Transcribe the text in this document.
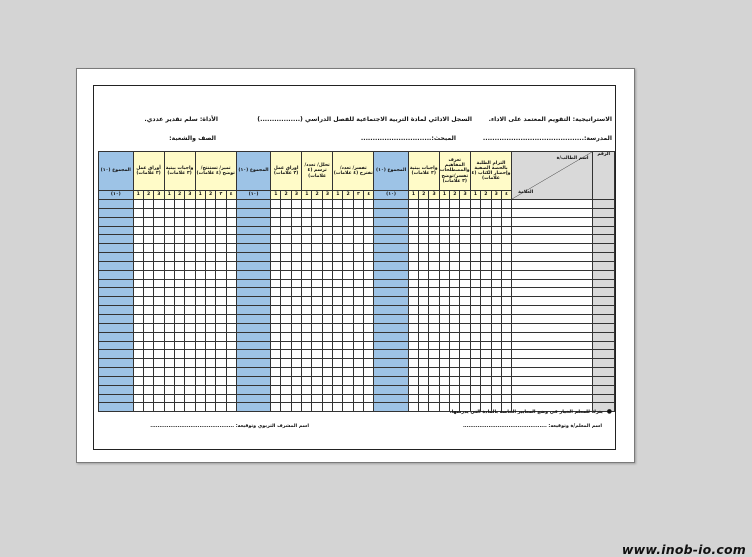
الاستراتيجية: التقويم المعتمد على الاداء.
السجل الادائي لمادة التربية الاجتماعية للفصل الدراسي (.................)
الأداة: سلم تقدير عددي.
المدرسة:...........................................
المبحث:..............................
الصف والشعبة:
الرقم	اسم الطالب/ة
العلامة	التزام الطلبة بالحصة الصفية وإحضار الكتاب (٤ علامات)				تعرف المفاهيم والمصطلحات تفسر/توضح (٣ علامات)			واجبات بيتية (٣ علامات)			المجموع (١٠)	تفسر/ تعدد/ تقترح (٤ علامات)				تحلل/ تعدد/ ترسم (٤ علامات)			اوراق عمل (٣ علامات)			المجموع (١٠)	تميز/ تستنتج/ توضح (٤ علامات)				واجبات بيتية (٣ علامات)			أوراق عمل (٣ علامات)			المجموع (١٠)
		٤	3	2	1	3	2	1	3	2	1	(١٠)	٤	٣	2	1	3	2	1	3	2	1	(١٠)	٤	٣	2	1	3	2	1	3	2	1	(١٠)

●يترك للمعلم الخيار في وضع المعايير الخاصة بالمادة التي يدرسها.
اسم المعلم/ة وتوقيعه: ..............................................
اسم المشرف التربوي وتوقيعه: ..............................................
www.inob-io.com
